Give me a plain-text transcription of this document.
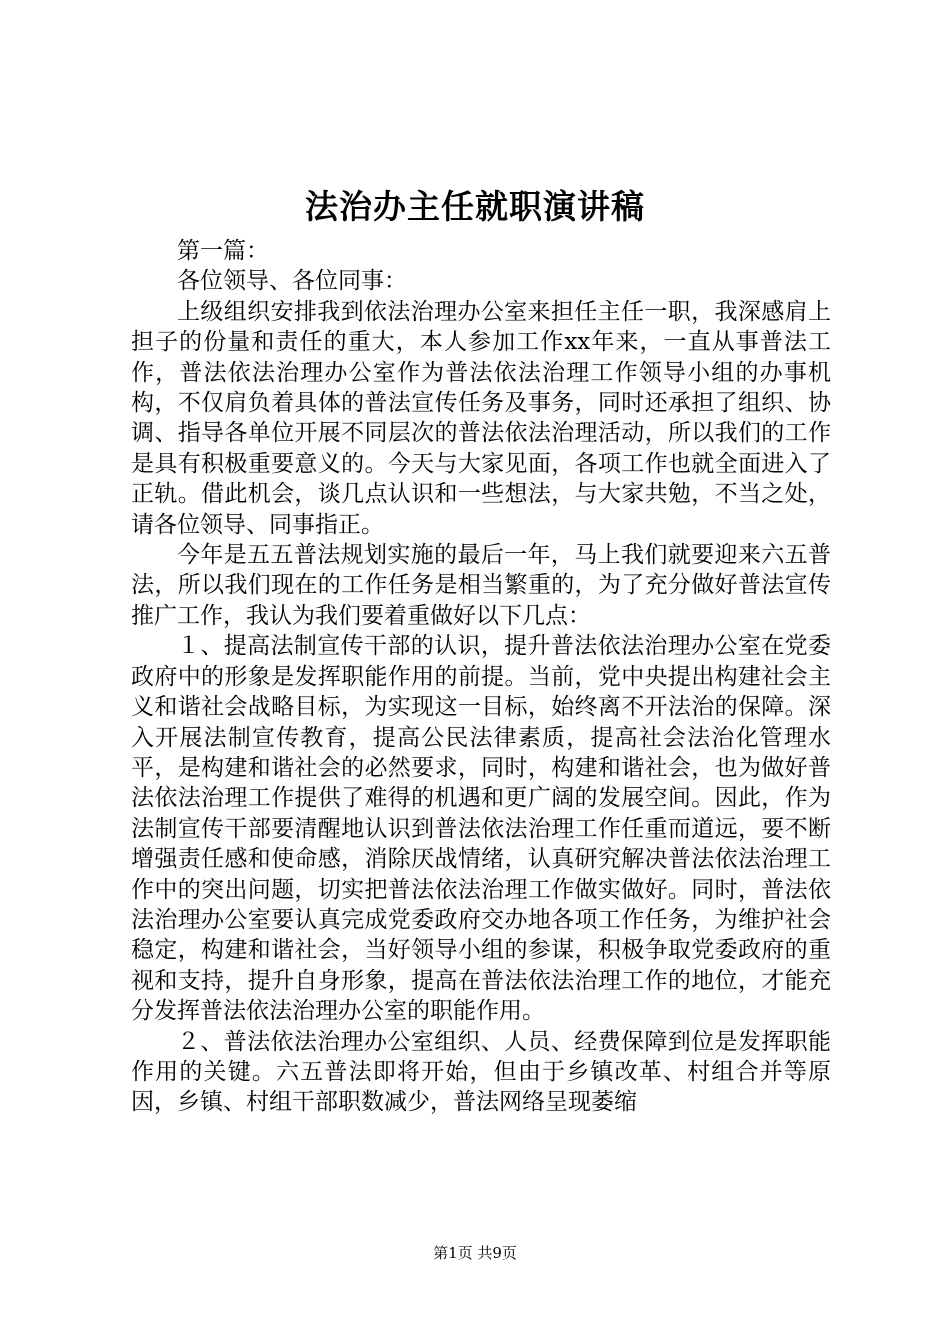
法治办主任就职演讲稿

第一篇：

各位领导、各位同事：

上级组织安排我到依法治理办公室来担任主任一职，我深感肩上担子的份量和责任的重大，本人参加工作xx年来，一直从事普法工作，普法依法治理办公室作为普法依法治理工作领导小组的办事机构，不仅肩负着具体的普法宣传任务及事务，同时还承担了组织、协调、指导各单位开展不同层次的普法依法治理活动，所以我们的工作是具有积极重要意义的。今天与大家见面，各项工作也就全面进入了正轨。借此机会，谈几点认识和一些想法，与大家共勉，不当之处，请各位领导、同事指正。

今年是五五普法规划实施的最后一年，马上我们就要迎来六五普法，所以我们现在的工作任务是相当繁重的，为了充分做好普法宣传推广工作，我认为我们要着重做好以下几点：

１、提高法制宣传干部的认识，提升普法依法治理办公室在党委政府中的形象是发挥职能作用的前提。当前，党中央提出构建社会主义和谐社会战略目标，为实现这一目标，始终离不开法治的保障。深入开展法制宣传教育，提高公民法律素质，提高社会法治化管理水平，是构建和谐社会的必然要求，同时，构建和谐社会，也为做好普法依法治理工作提供了难得的机遇和更广阔的发展空间。因此，作为法制宣传干部要清醒地认识到普法依法治理工作任重而道远，要不断增强责任感和使命感，消除厌战情绪，认真研究解决普法依法治理工作中的突出问题，切实把普法依法治理工作做实做好。同时，普法依法治理办公室要认真完成党委政府交办地各项工作任务，为维护社会稳定，构建和谐社会，当好领导小组的参谋，积极争取党委政府的重视和支持，提升自身形象，提高在普法依法治理工作的地位，才能充分发挥普法依法治理办公室的职能作用。

２、普法依法治理办公室组织、人员、经费保障到位是发挥职能作用的关键。六五普法即将开始，但由于乡镇改革、村组合并等原因，乡镇、村组干部职数减少，普法网络呈现萎缩

第1页 共9页
